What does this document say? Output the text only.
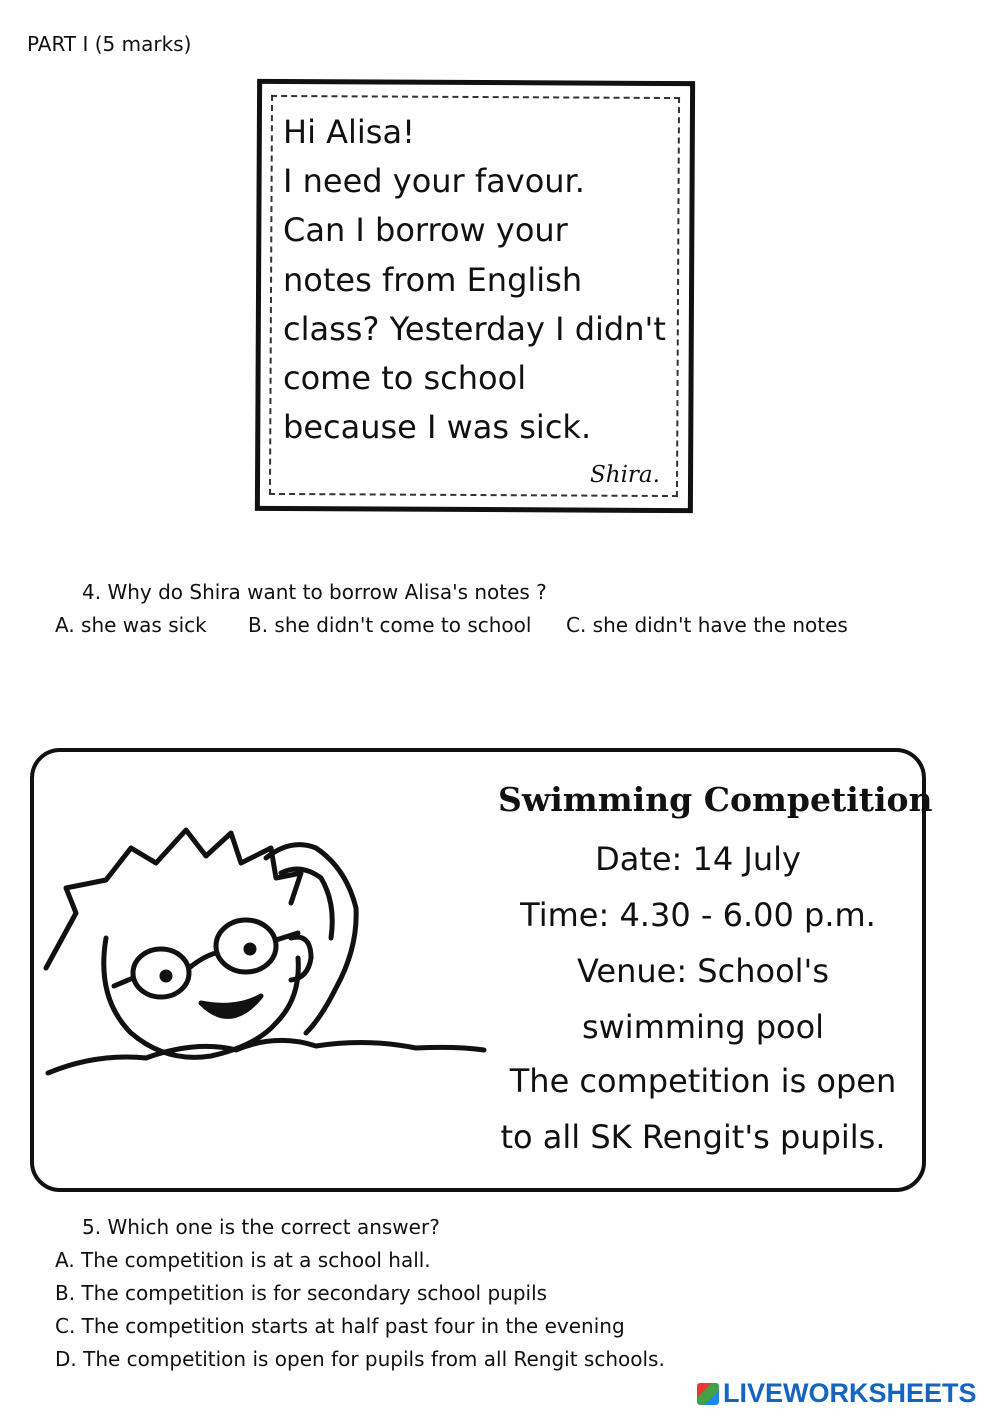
PART I (5 marks)
Hi Alisa!
I need your favour.
Can I borrow your
notes from English
class? Yesterday I didn't
come to school
because I was sick.
Shira.
4. Why do Shira want to borrow Alisa's notes ?
A. she was sick B. she didn't come to school C. she didn't have the notes
Swimming Competition
Date: 14 July
Time: 4.30 - 6.00 p.m.
Venue: School's
swimming pool
The competition is open
to all SK Rengit's pupils.
5. Which one is the correct answer?
A. The competition is at a school hall.
B. The competition is for secondary school pupils
C. The competition starts at half past four in the evening
D. The competition is open for pupils from all Rengit schools.
LIVEWORKSHEETS
